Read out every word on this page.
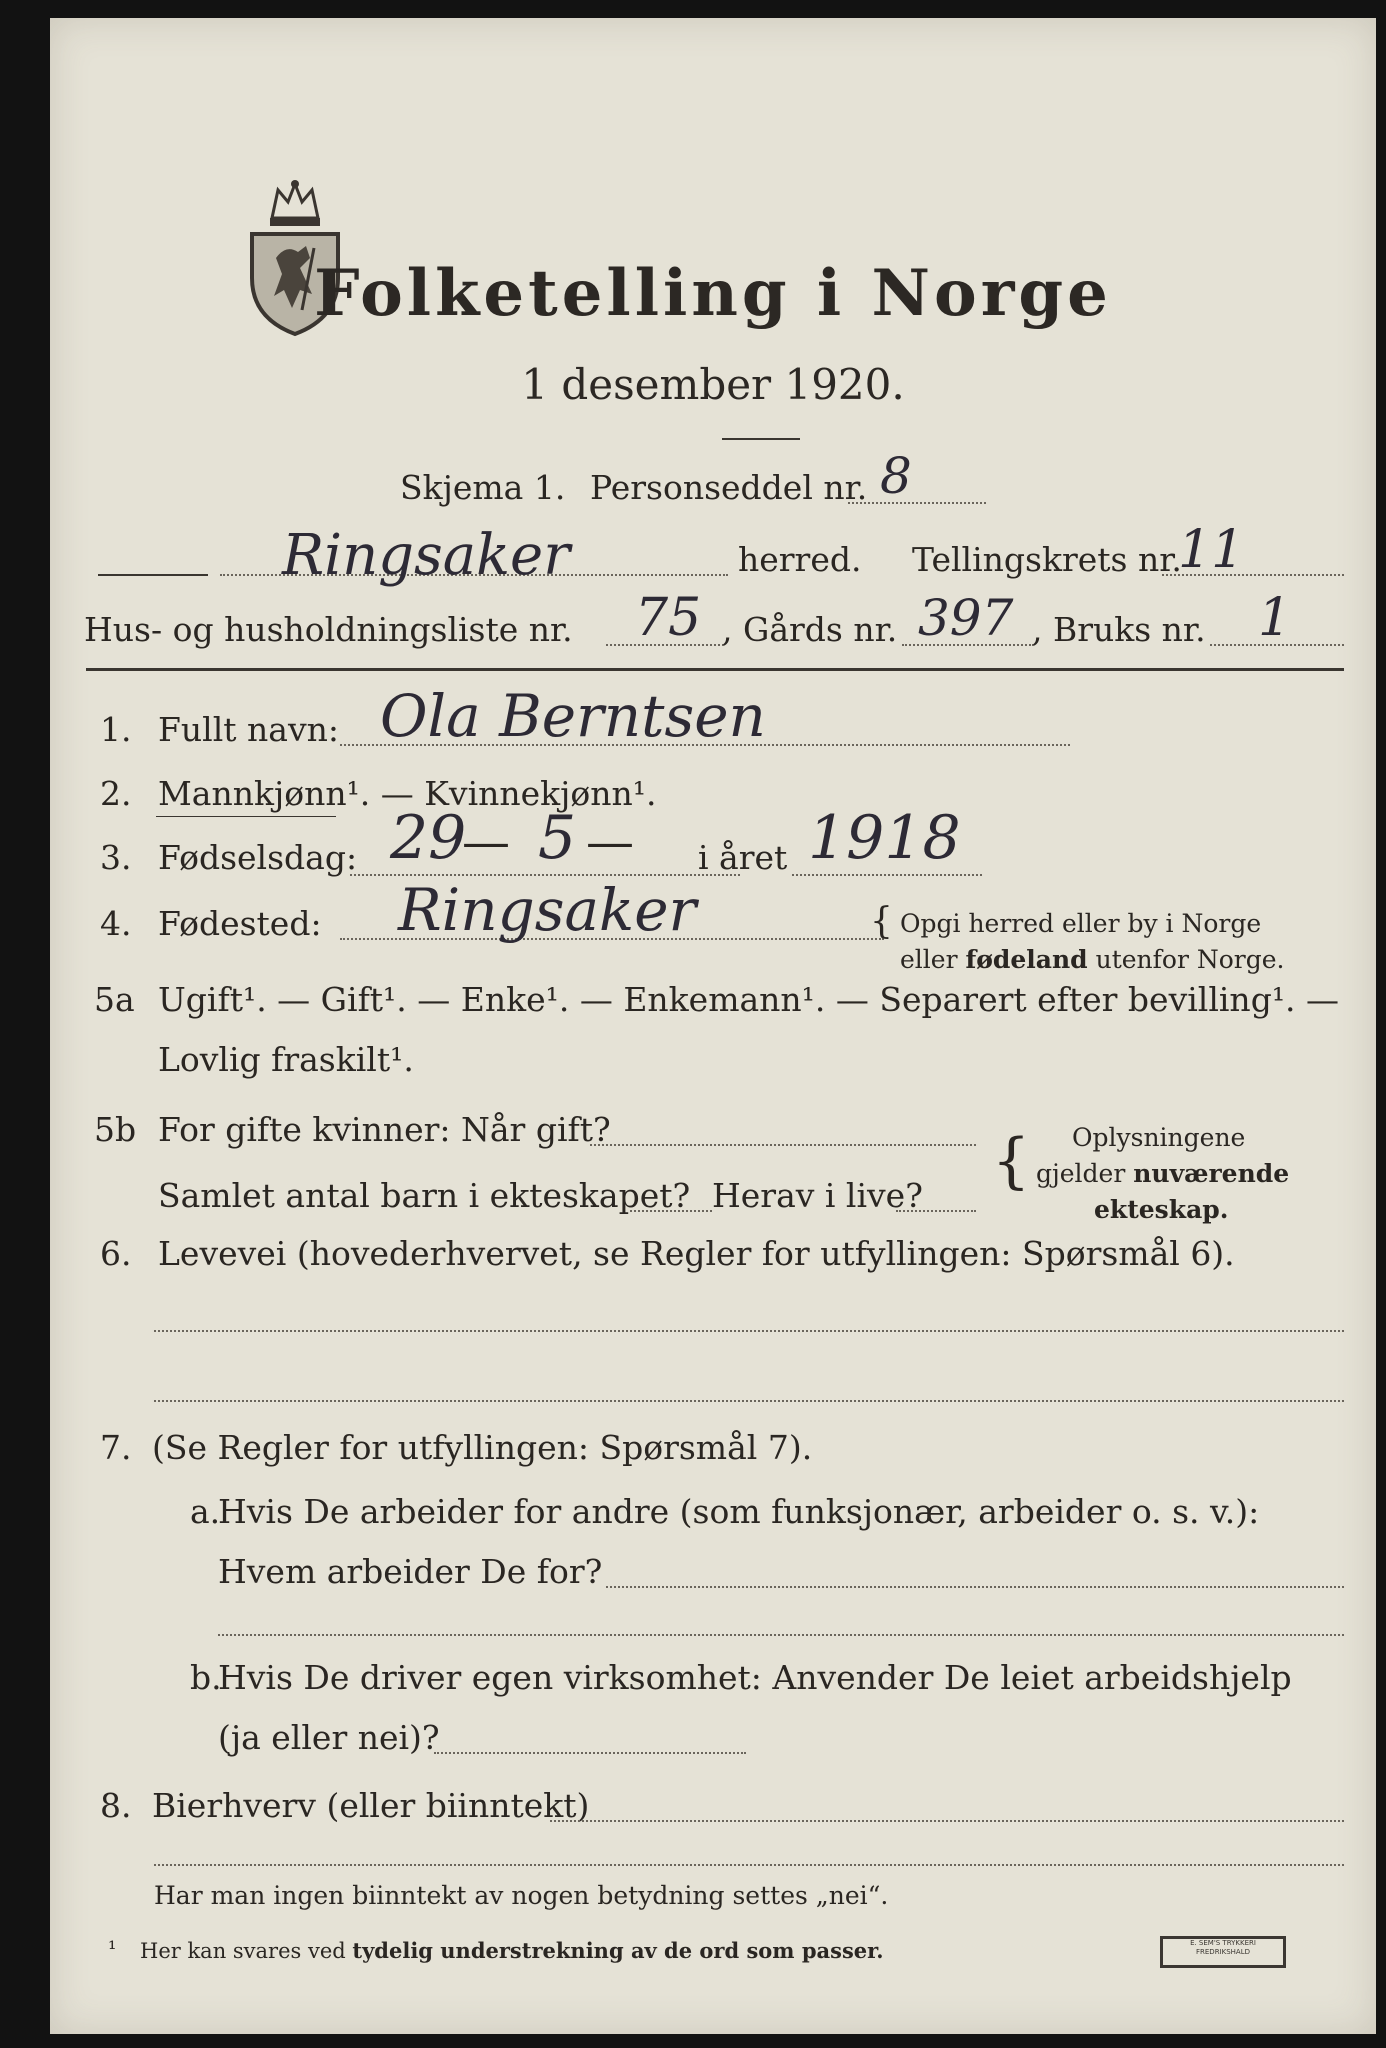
Folketelling i Norge
1 desember 1920.
Skjema 1. Personseddel nr. 8
Ringsaker	herred. Tellingskrets nr.
11
Hus- og husholdningsliste nr. 75 , Gårds nr. 397 , Bruks nr. 1
1. Fullt navn: Ola Berntsen
2. Mannkjønn¹. — Kvinnekjønn¹.
3. Fødselsdag: 29
— 5 — i året 1918
4. Fødested: Ringsaker	{ Opgi herred eller by i Norge
eller fødeland utenfor Norge.
5a Ugift¹. — Gift¹. — Enke¹. — Enkemann¹. — Separert efter bevilling¹. —
Lovlig fraskilt¹.
5b For gifte kvinner: Når gift?
Samlet antal barn i ekteskapet? Herav i live? { Oplysningene
gjelder nuværende
ekteskap.
6. Levevei (hovederhvervet, se Regler for utfyllingen: Spørsmål 6).
7. (Se Regler for utfyllingen: Spørsmål 7).
a.
Hvis De arbeider for andre (som funksjonær, arbeider o. s. v.):
Hvem arbeider De for?
b.
Hvis De driver egen virksomhet: Anvender De leiet arbeidshjelp
(ja eller nei)?
8. Bierhverv (eller biinntekt)
Har man ingen biinntekt av nogen betydning settes „nei“.
¹ Her kan svares ved tydelig understrekning av de ord som passer.	E. SEM'S TRYKKERI FREDRIKSHALD
